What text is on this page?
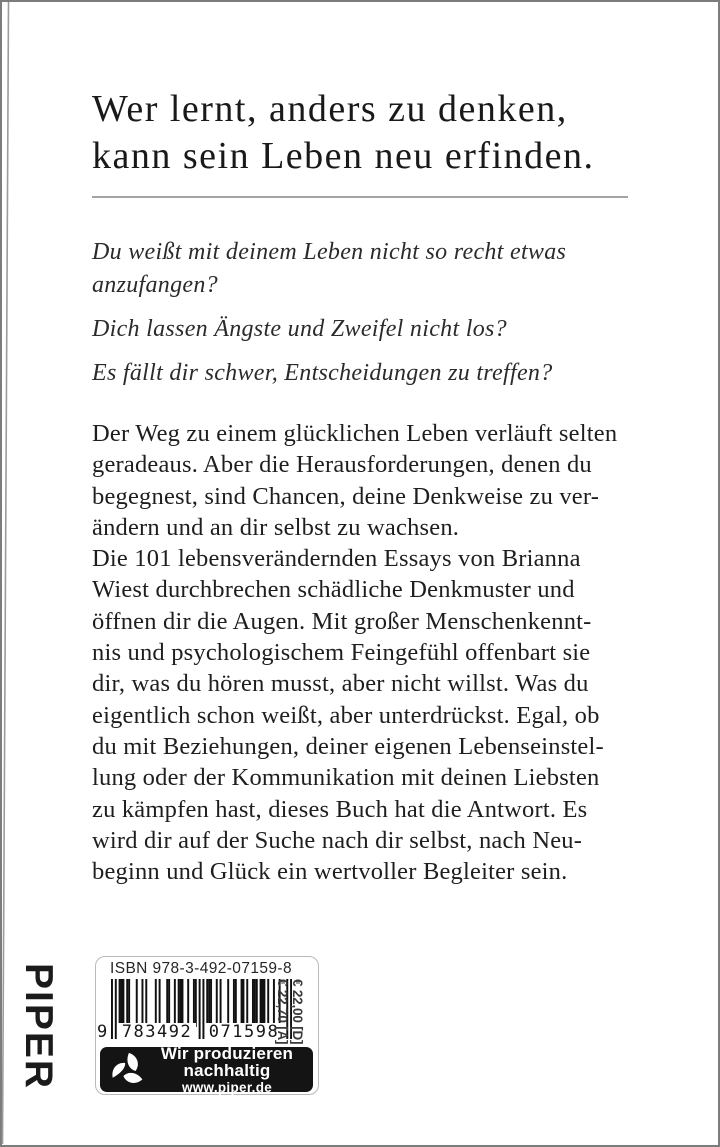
Wer lernt, anders zu denken,
kann sein Leben neu erfinden.
Du weißt mit deinem Leben nicht so recht etwas
anzufangen?
Dich lassen Ängste und Zweifel nicht los?
Es fällt dir schwer, Entscheidungen zu treffen?
Der Weg zu einem glücklichen Leben verläuft selten
geradeaus. Aber die Herausforderungen, denen du
begegnest, sind Chancen, deine Denkweise zu ver-
ändern und an dir selbst zu wachsen.
Die 101 lebensverändernden Essays von Brianna
Wiest durchbrechen schädliche Denkmuster und
öffnen dir die Augen. Mit großer Menschenkennt-
nis und psychologischem Feingefühl offenbart sie
dir, was du hören musst, aber nicht willst. Was du
eigentlich schon weißt, aber unterdrückst. Egal, ob
du mit Beziehungen, deiner eigenen Lebenseinstel-
lung oder der Kommunikation mit deinen Liebsten
zu kämpfen hast, dieses Buch hat die Antwort. Es
wird dir auf der Suche nach dir selbst, nach Neu-
beginn und Glück ein wertvoller Begleiter sein.
PIPER	ISBN 978-3-492-07159-8
9 783492 071598 € 22,00 [D]
€ 22,70 [A]
Wir produzieren
nachhaltig
www.piper.de
